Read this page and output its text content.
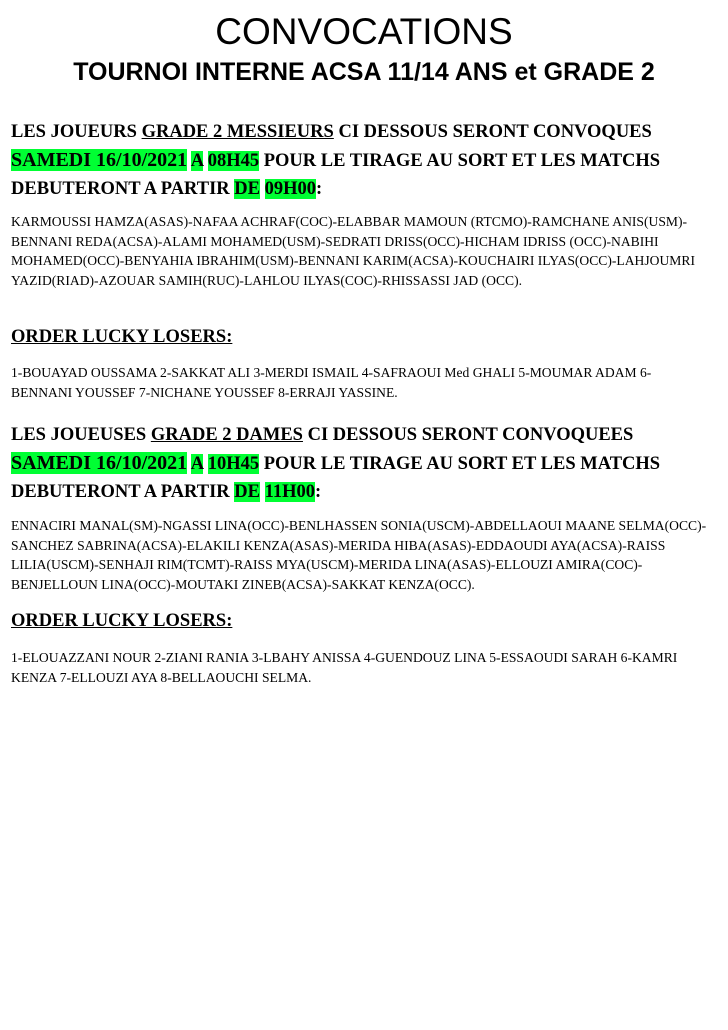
CONVOCATIONS
TOURNOI INTERNE ACSA 11/14 ANS et GRADE 2

LES JOUEURS GRADE 2 MESSIEURS CI DESSOUS SERONT CONVOQUES
SAMEDI 16/10/2021 A 08H45 POUR LE TIRAGE AU SORT ET LES MATCHS DEBUTERONT A PARTIR DE 09H00:

KARMOUSSI HAMZA(ASAS)-NAFAA ACHRAF(COC)-ELABBAR MAMOUN (RTCMO)-RAMCHANE ANIS(USM)-BENNANI REDA(ACSA)-ALAMI MOHAMED(USM)-SEDRATI DRISS(OCC)-HICHAM IDRISS (OCC)-NABIHI MOHAMED(OCC)-BENYAHIA IBRAHIM(USM)-BENNANI KARIM(ACSA)-KOUCHAIRI ILYAS(OCC)-LAHJOUMRI YAZID(RIAD)-AZOUAR SAMIH(RUC)-LAHLOU ILYAS(COC)-RHISSASSI JAD (OCC).

ORDER LUCKY LOSERS:

1-BOUAYAD OUSSAMA 2-SAKKAT ALI 3-MERDI ISMAIL 4-SAFRAOUI Med GHALI 5-MOUMAR ADAM 6-BENNANI YOUSSEF 7-NICHANE YOUSSEF 8-ERRAJI YASSINE.

LES JOUEUSES GRADE 2 DAMES CI DESSOUS SERONT CONVOQUEES
SAMEDI 16/10/2021 A 10H45 POUR LE TIRAGE AU SORT ET LES MATCHS DEBUTERONT A PARTIR DE 11H00:

ENNACIRI MANAL(SM)-NGASSI LINA(OCC)-BENLHASSEN SONIA(USCM)-ABDELLAOUI MAANE SELMA(OCC)-SANCHEZ SABRINA(ACSA)-ELAKILI KENZA(ASAS)-MERIDA HIBA(ASAS)-EDDAOUDI AYA(ACSA)-RAISS LILIA(USCM)-SENHAJI RIM(TCMT)-RAISS MYA(USCM)-MERIDA LINA(ASAS)-ELLOUZI AMIRA(COC)-BENJELLOUN LINA(OCC)-MOUTAKI ZINEB(ACSA)-SAKKAT KENZA(OCC).

ORDER LUCKY LOSERS:

1-ELOUAZZANI NOUR 2-ZIANI RANIA 3-LBAHY ANISSA 4-GUENDOUZ LINA 5-ESSAOUDI SARAH 6-KAMRI KENZA 7-ELLOUZI AYA 8-BELLAOUCHI SELMA.
